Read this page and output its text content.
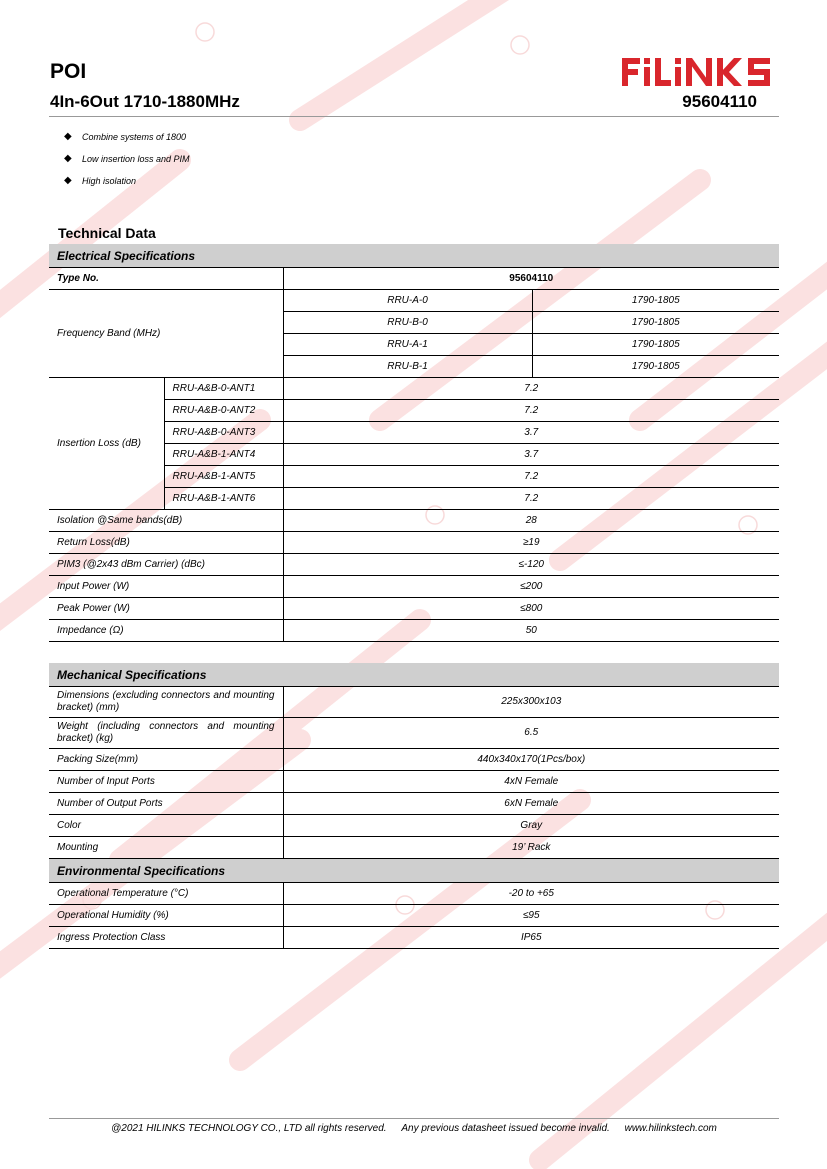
POI
4In-6Out 1710-1880MHz	95604110
◆ Combine systems of 1800
◆ Low insertion loss and PIM
◆ High isolation
Technical Data
Electrical Specifications			
Type No.		95604110	
Frequency Band (MHz)		RRU-A-0	1790-1805
		RRU-B-0	1790-1805
		RRU-A-1	1790-1805
		RRU-B-1	1790-1805
Insertion Loss (dB)	RRU-A&B-0-ANT1	7.2	
	RRU-A&B-0-ANT2	7.2	
	RRU-A&B-0-ANT3	3.7	
	RRU-A&B-1-ANT4	3.7	
	RRU-A&B-1-ANT5	7.2	
	RRU-A&B-1-ANT6	7.2	
Isolation @Same bands(dB)		28	
Return Loss(dB)		≥19	
PIM3 (@2x43 dBm Carrier) (dBc)		≤-120	
Input Power (W)		≤200	
Peak Power (W)		≤800	
Impedance (Ω)		50	
Mechanical Specifications	
Dimensions (excluding connectors and mounting bracket) (mm)	225x300x103
Weight (including connectors and mounting bracket) (kg)	6.5
Packing Size(mm)	440x340x170(1Pcs/box)
Number of Input Ports	4xN Female
Number of Output Ports	6xN Female
Color	Gray
Mounting	19’ Rack
Environmental Specifications	
Operational Temperature (°C)	-20 to +65
Operational Humidity (%)	≤95
Ingress Protection Class	IP65
@2021 HILINKS TECHNOLOGY CO., LTD all rights reserved. Any previous datasheet issued become invalid. www.hilinkstech.com
